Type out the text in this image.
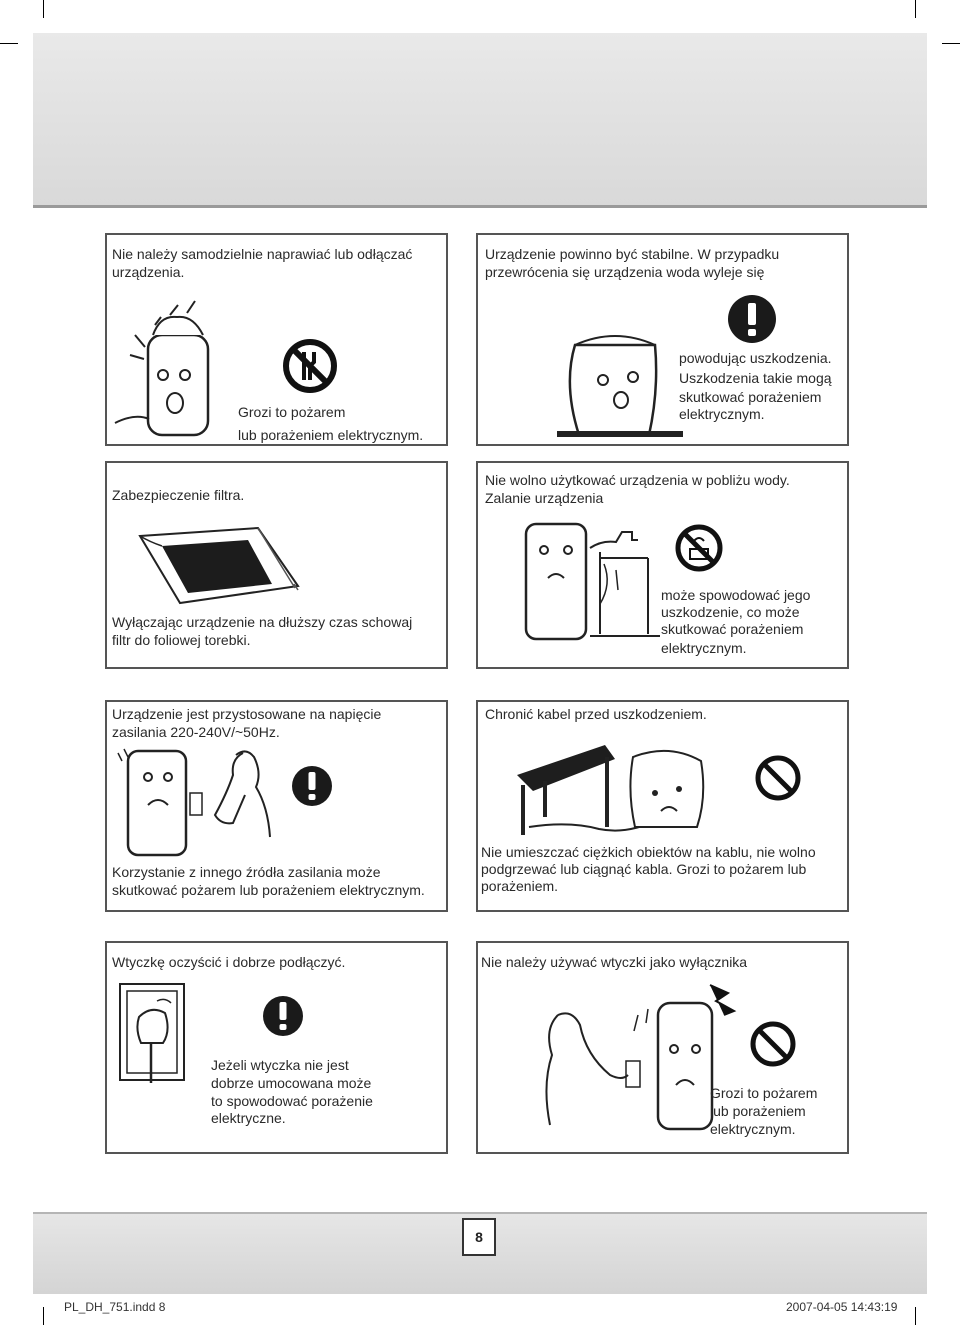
Nie należy samodzielnie naprawiać lub odłączać urządzenia.
Grozi to pożarem
lub porażeniem elektrycznym.
Urządzenie powinno być stabilne. W przypadku przewrócenia się urządzenia woda wyleje się
powodując uszkodzenia.
Uszkodzenia takie mogą
skutkować porażeniem
elektrycznym.
Zabezpieczenie filtra.
Wyłączając urządzenie na dłuższy czas schowaj
filtr do foliowej torebki.
Nie wolno użytkować urządzenia w pobliżu wody.
Zalanie urządzenia
może spowodować jego
uszkodzenie, co może
skutkować porażeniem
elektrycznym.
Urządzenie jest przystosowane na napięcie
zasilania 220-240V/~50Hz.
Korzystanie z innego źródła zasilania może
skutkować pożarem lub porażeniem elektrycznym.
Chronić kabel przed uszkodzeniem.
Nie umieszczać ciężkich obiektów na kablu, nie wolno
podgrzewać lub ciągnąć kabla. Grozi to pożarem lub
porażeniem.
Wtyczkę oczyścić i dobrze podłączyć.
Jeżeli wtyczka nie jest
dobrze umocowana może
to spowodować porażenie
elektryczne.
Nie należy używać wtyczki jako wyłącznika
Grozi to pożarem
lub porażeniem
elektrycznym.
8
PL_DH_751.indd 8	2007-04-05 14:43:19
